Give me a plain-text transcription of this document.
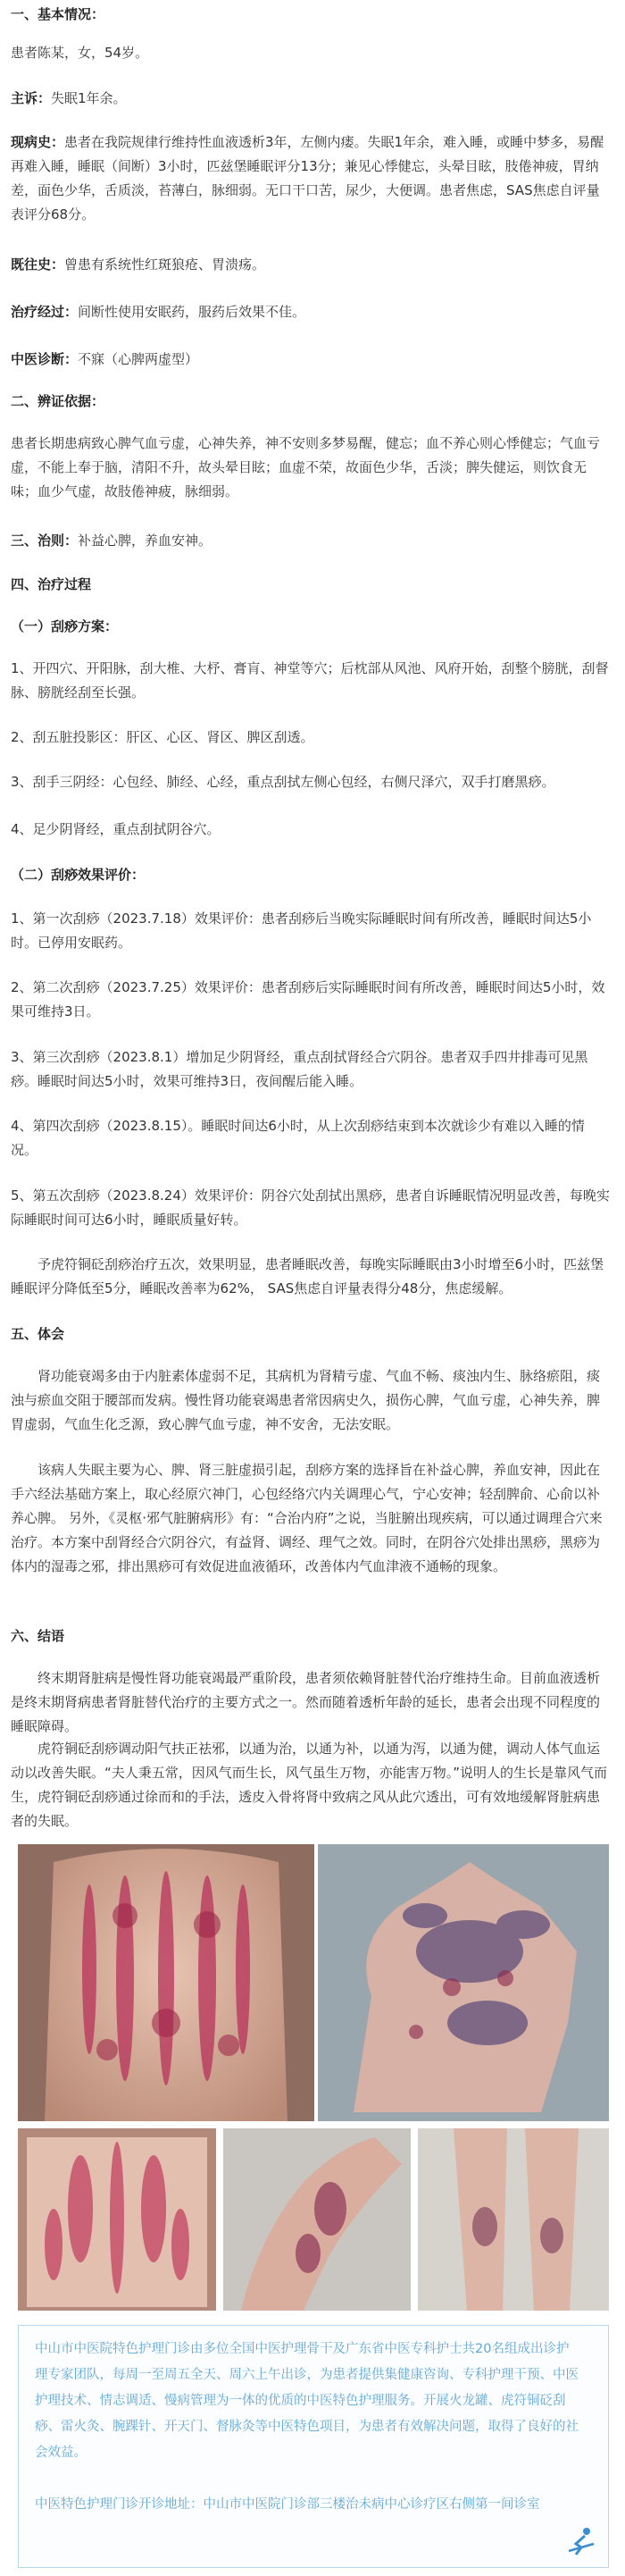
一、基本情况：

患者陈某，女，54岁。

主诉：失眠1年余。

现病史：患者在我院规律行维持性血液透析3年，左侧内瘘。失眠1年余，难入睡，或睡中梦多，易醒再难入睡，睡眠（间断）3小时，匹兹堡睡眠评分13分；兼见心悸健忘，头晕目眩，肢倦神疲，胃纳差，面色少华，舌质淡，苔薄白，脉细弱。无口干口苦，尿少，大便调。患者焦虑，SAS焦虑自评量表评分68分。

既往史：曾患有系统性红斑狼疮、胃溃疡。

治疗经过：间断性使用安眠药，服药后效果不佳。

中医诊断：不寐（心脾两虚型）

二、辨证依据：

患者长期患病致心脾气血亏虚，心神失养，神不安则多梦易醒，健忘；血不养心则心悸健忘；气血亏虚，不能上奉于脑，清阳不升，故头晕目眩；血虚不荣，故面色少华，舌淡；脾失健运，则饮食无味；血少气虚，故肢倦神疲，脉细弱。

三、治则：补益心脾，养血安神。

四、治疗过程

（一）刮痧方案：

1、开四穴、开阳脉，刮大椎、大杼、膏肓、神堂等穴；后枕部从风池、风府开始，刮整个膀胱，刮督脉、膀胱经刮至长强。

2、刮五脏投影区：肝区、心区、肾区、脾区刮透。

3、刮手三阴经：心包经、肺经、心经，重点刮拭左侧心包经，右侧尺泽穴，双手打磨黑痧。

4、足少阴肾经，重点刮拭阴谷穴。

（二）刮痧效果评价：

1、第一次刮痧（2023.7.18）效果评价：患者刮痧后当晚实际睡眠时间有所改善，睡眠时间达5小时。已停用安眠药。

2、第二次刮痧（2023.7.25）效果评价：患者刮痧后实际睡眠时间有所改善，睡眠时间达5小时，效果可维持3日。

3、第三次刮痧（2023.8.1）增加足少阴肾经，重点刮拭肾经合穴阴谷。患者双手四井排毒可见黑痧。睡眠时间达5小时，效果可维持3日，夜间醒后能入睡。

4、第四次刮痧（2023.8.15）。睡眠时间达6小时，从上次刮痧结束到本次就诊少有难以入睡的情况。

5、第五次刮痧（2023.8.24）效果评价：阴谷穴处刮拭出黑痧，患者自诉睡眠情况明显改善，每晚实际睡眠时间可达6小时，睡眠质量好转。

予虎符铜砭刮痧治疗五次，效果明显，患者睡眠改善，每晚实际睡眠由3小时增至6小时，匹兹堡睡眠评分降低至5分，睡眠改善率为62%， SAS焦虑自评量表得分48分，焦虑缓解。

五、体会

肾功能衰竭多由于内脏素体虚弱不足，其病机为肾精亏虚、气血不畅、痰浊内生、脉络瘀阻，痰浊与瘀血交阻于腰部而发病。慢性肾功能衰竭患者常因病史久，损伤心脾，气血亏虚，心神失养，脾胃虚弱，气血生化乏源，致心脾气血亏虚，神不安舍，无法安眠。

该病人失眠主要为心、脾、肾三脏虚损引起，刮痧方案的选择旨在补益心脾，养血安神，因此在手六经法基础方案上，取心经原穴神门，心包经络穴内关调理心气，宁心安神；轻刮脾俞、心俞以补养心脾。 另外，《灵枢·邪气脏腑病形》有：“合治内府”之说，当脏腑出现疾病，可以通过调理合穴来治疗。本方案中刮肾经合穴阴谷穴，有益肾、调经、理气之效。同时，在阴谷穴处排出黑痧，黑痧为体内的湿毒之邪，排出黑痧可有效促进血液循环，改善体内气血津液不通畅的现象。

六、结语

终末期肾脏病是慢性肾功能衰竭最严重阶段，患者须依赖肾脏替代治疗维持生命。目前血液透析是终末期肾病患者肾脏替代治疗的主要方式之一。然而随着透析年龄的延长，患者会出现不同程度的睡眠障碍。

虎符铜砭刮痧调动阳气扶正祛邪，以通为治，以通为补，以通为泻，以通为健，调动人体气血运动以改善失眠。“夫人秉五常，因风气而生长，风气虽生万物，亦能害万物。”说明人的生长是靠风气而生，虎符铜砭刮痧通过徐而和的手法，透皮入骨将肾中致病之风从此穴透出，可有效地缓解肾脏病患者的失眠。

中山市中医院特色护理门诊由多位全国中医护理骨干及广东省中医专科护士共20名组成出诊护理专家团队，每周一至周五全天、周六上午出诊，为患者提供集健康咨询、专科护理干预、中医护理技术、情志调适、慢病管理为一体的优质的中医特色护理服务。开展火龙罐、虎符铜砭刮痧、雷火灸、腕踝针、开天门、督脉灸等中医特色项目，为患者有效解决问题，取得了良好的社会效益。

中医特色护理门诊开诊地址：中山市中医院门诊部三楼治未病中心诊疗区右侧第一间诊室
